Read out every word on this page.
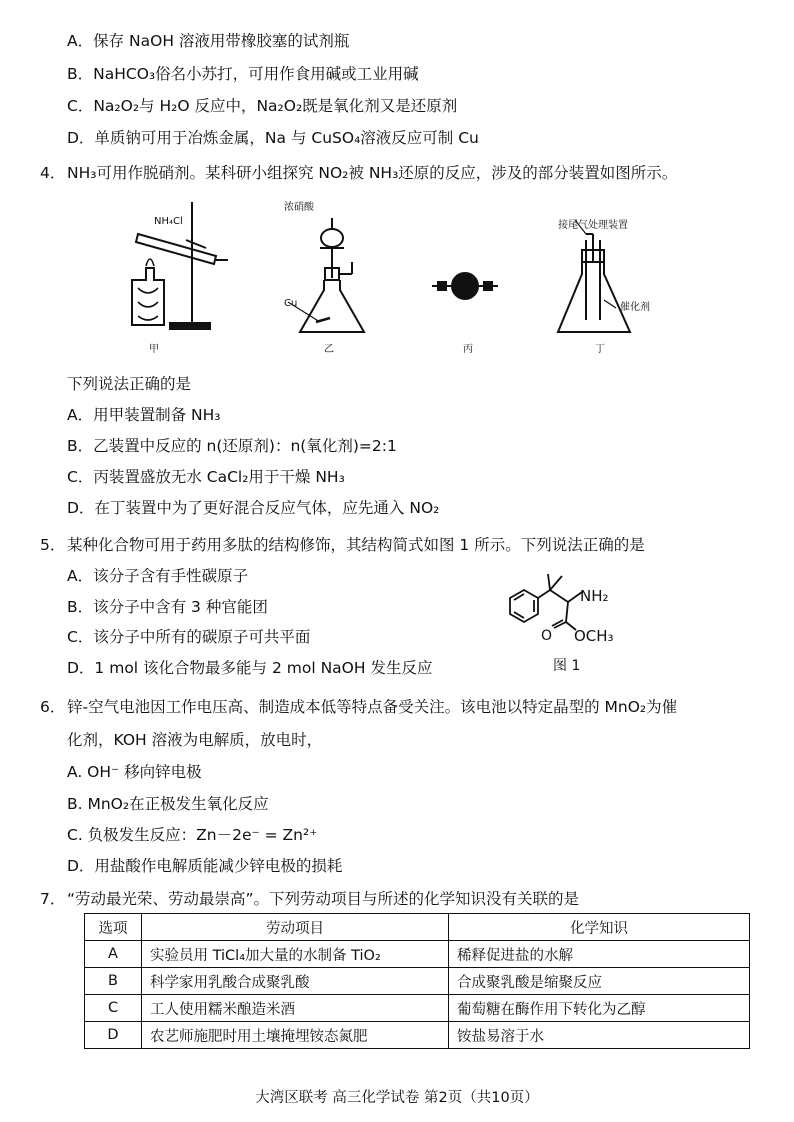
A．保存 NaOH 溶液用带橡胶塞的试剂瓶
B．NaHCO₃俗名小苏打，可用作食用碱或工业用碱
C．Na₂O₂与 H₂O 反应中，Na₂O₂既是氧化剂又是还原剂
D．单质钠可用于冶炼金属，Na 与 CuSO₄溶液反应可制 Cu
4． NH₃可用作脱硝剂。某科研小组探究 NO₂被 NH₃还原的反应，涉及的部分装置如图所示。
NH₄Cl
浓硝酸
Cu
接尾气处理装置
催化剂
甲	乙	丙	丁
下列说法正确的是
A．用甲装置制备 NH₃
B．乙装置中反应的 n(还原剂)：n(氧化剂)=2:1
C．丙装置盛放无水 CaCl₂用于干燥 NH₃
D．在丁装置中为了更好混合反应气体，应先通入 NO₂
5． 某种化合物可用于药用多肽的结构修饰，其结构简式如图 1 所示。下列说法正确的是
A．该分子含有手性碳原子
B．该分子中含有 3 种官能团
C．该分子中所有的碳原子可共平面
D．1 mol 该化合物最多能与 2 mol NaOH 发生反应
NH₂
O OCH₃
图 1
6． 锌-空气电池因工作电压高、制造成本低等特点备受关注。该电池以特定晶型的 MnO₂为催
化剂，KOH 溶液为电解质，放电时，
A. OH⁻ 移向锌电极
B. MnO₂在正极发生氧化反应
C. 负极发生反应：Zn－2e⁻ = Zn²⁺
D．用盐酸作电解质能减少锌电极的损耗
7． “劳动最光荣、劳动最崇高”。下列劳动项目与所述的化学知识没有关联的是
选项	劳动项目	化学知识
A	实验员用 TiCl₄加大量的水制备 TiO₂	稀释促进盐的水解
B	科学家用乳酸合成聚乳酸	合成聚乳酸是缩聚反应
C	工人使用糯米酿造米酒	葡萄糖在酶作用下转化为乙醇
D	农艺师施肥时用土壤掩埋铵态氮肥	铵盐易溶于水
大湾区联考 高三化学试卷 第2页（共10页）
